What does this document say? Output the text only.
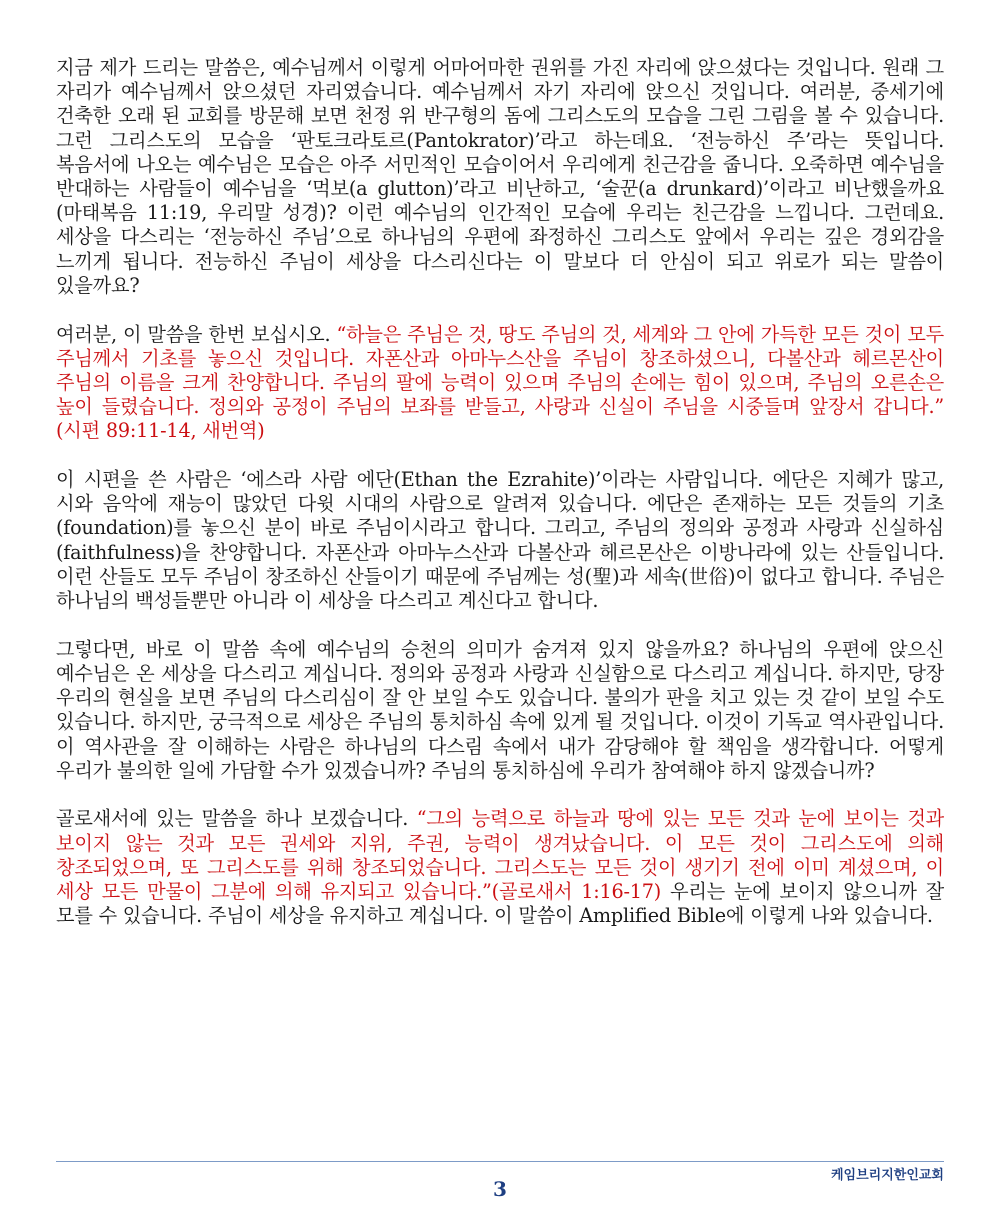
지금 제가 드리는 말씀은, 예수님께서 이렇게 어마어마한 권위를 가진 자리에 앉으셨다는 것입니다. 원래 그 자리가 예수님께서 앉으셨던 자리였습니다. 예수님께서 자기 자리에 앉으신 것입니다. 여러분, 중세기에 건축한 오래 된 교회를 방문해 보면 천정 위 반구형의 돔에 그리스도의 모습을 그린 그림을 볼 수 있습니다. 그런 그리스도의 모습을 ‘판토크라토르(Pantokrator)’라고 하는데요. ‘전능하신 주’라는 뜻입니다. 복음서에 나오는 예수님은 모습은 아주 서민적인 모습이어서 우리에게 친근감을 줍니다. 오죽하면 예수님을 반대하는 사람들이 예수님을 ‘먹보(a glutton)’라고 비난하고, ‘술꾼(a drunkard)’이라고 비난했을까요(마태복음 11:19, 우리말 성경)? 이런 예수님의 인간적인 모습에 우리는 친근감을 느낍니다. 그런데요. 세상을 다스리는 ‘전능하신 주님’으로 하나님의 우편에 좌정하신 그리스도 앞에서 우리는 깊은 경외감을 느끼게 됩니다. 전능하신 주님이 세상을 다스리신다는 이 말보다 더 안심이 되고 위로가 되는 말씀이 있을까요?

여러분, 이 말씀을 한번 보십시오. “하늘은 주님은 것, 땅도 주님의 것, 세계와 그 안에 가득한 모든 것이 모두 주님께서 기초를 놓으신 것입니다. 자폰산과 아마누스산을 주님이 창조하셨으니, 다볼산과 헤르몬산이 주님의 이름을 크게 찬양합니다. 주님의 팔에 능력이 있으며 주님의 손에는 힘이 있으며, 주님의 오른손은 높이 들렸습니다. 정의와 공정이 주님의 보좌를 받들고, 사랑과 신실이 주님을 시중들며 앞장서 갑니다.” (시편 89:11-14, 새번역)

이 시편을 쓴 사람은 ‘에스라 사람 에단(Ethan the Ezrahite)’이라는 사람입니다. 에단은 지혜가 많고, 시와 음악에 재능이 많았던 다윗 시대의 사람으로 알려져 있습니다. 에단은 존재하는 모든 것들의 기초(foundation)를 놓으신 분이 바로 주님이시라고 합니다. 그리고, 주님의 정의와 공정과 사랑과 신실하심(faithfulness)을 찬양합니다. 자폰산과 아마누스산과 다볼산과 헤르몬산은 이방나라에 있는 산들입니다. 이런 산들도 모두 주님이 창조하신 산들이기 때문에 주님께는 성(聖)과 세속(世俗)이 없다고 합니다. 주님은 하나님의 백성들뿐만 아니라 이 세상을 다스리고 계신다고 합니다.

그렇다면, 바로 이 말씀 속에 예수님의 승천의 의미가 숨겨져 있지 않을까요? 하나님의 우편에 앉으신 예수님은 온 세상을 다스리고 계십니다. 정의와 공정과 사랑과 신실함으로 다스리고 계십니다. 하지만, 당장 우리의 현실을 보면 주님의 다스리심이 잘 안 보일 수도 있습니다. 불의가 판을 치고 있는 것 같이 보일 수도 있습니다. 하지만, 궁극적으로 세상은 주님의 통치하심 속에 있게 될 것입니다. 이것이 기독교 역사관입니다. 이 역사관을 잘 이해하는 사람은 하나님의 다스림 속에서 내가 감당해야 할 책임을 생각합니다. 어떻게 우리가 불의한 일에 가담할 수가 있겠습니까? 주님의 통치하심에 우리가 참여해야 하지 않겠습니까?

골로새서에 있는 말씀을 하나 보겠습니다. “그의 능력으로 하늘과 땅에 있는 모든 것과 눈에 보이는 것과 보이지 않는 것과 모든 권세와 지위, 주권, 능력이 생겨났습니다. 이 모든 것이 그리스도에 의해 창조되었으며, 또 그리스도를 위해 창조되었습니다. 그리스도는 모든 것이 생기기 전에 이미 계셨으며, 이 세상 모든 만물이 그분에 의해 유지되고 있습니다.”(골로새서 1:16-17) 우리는 눈에 보이지 않으니까 잘 모를 수 있습니다. 주님이 세상을 유지하고 계십니다. 이 말씀이 Amplified Bible에 이렇게 나와 있습니다.

케임브리지한인교회
3
